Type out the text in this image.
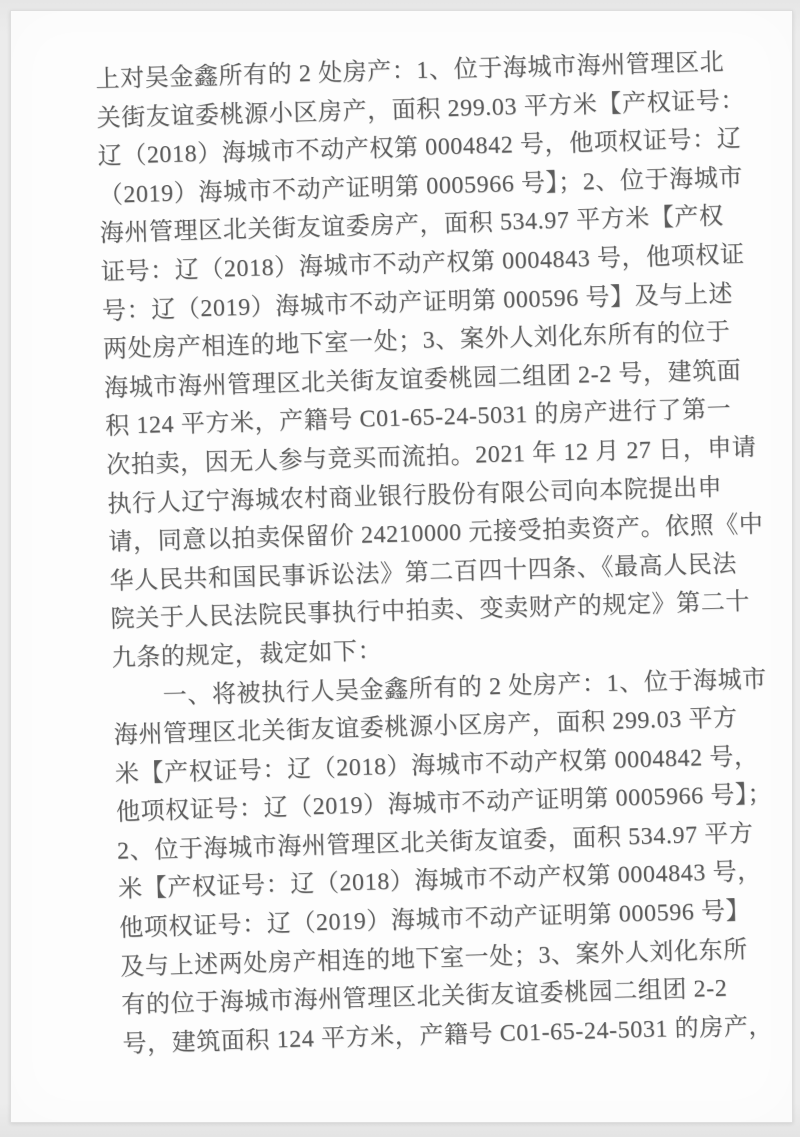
上对吴金鑫所有的 2 处房产：1、位于海城市海州管理区北
关街友谊委桃源小区房产，面积 299.03 平方米【产权证号：
辽（2018）海城市不动产权第 0004842 号，他项权证号：辽
（2019）海城市不动产证明第 0005966 号】；2、位于海城市
海州管理区北关街友谊委房产，面积 534.97 平方米【产权
证号：辽（2018）海城市不动产权第 0004843 号，他项权证
号：辽（2019）海城市不动产证明第 000596 号】及与上述
两处房产相连的地下室一处；3、案外人刘化东所有的位于
海城市海州管理区北关街友谊委桃园二组团 2-2 号，建筑面
积 124 平方米，产籍号 C01-65-24-5031 的房产进行了第一
次拍卖，因无人参与竞买而流拍。2021 年 12 月 27 日，申请
执行人辽宁海城农村商业银行股份有限公司向本院提出申
请，同意以拍卖保留价 24210000 元接受拍卖资产。依照《中
华人民共和国民事诉讼法》第二百四十四条、《最高人民法
院关于人民法院民事执行中拍卖、变卖财产的规定》第二十
九条的规定，裁定如下：
一、将被执行人吴金鑫所有的 2 处房产：1、位于海城市
海州管理区北关街友谊委桃源小区房产，面积 299.03 平方
米【产权证号：辽（2018）海城市不动产权第 0004842 号，
他项权证号：辽（2019）海城市不动产证明第 0005966 号】；
2、位于海城市海州管理区北关街友谊委，面积 534.97 平方
米【产权证号：辽（2018）海城市不动产权第 0004843 号，
他项权证号：辽（2019）海城市不动产证明第 000596 号】
及与上述两处房产相连的地下室一处；3、案外人刘化东所
有的位于海城市海州管理区北关街友谊委桃园二组团 2-2
号，建筑面积 124 平方米，产籍号 C01-65-24-5031 的房产，
